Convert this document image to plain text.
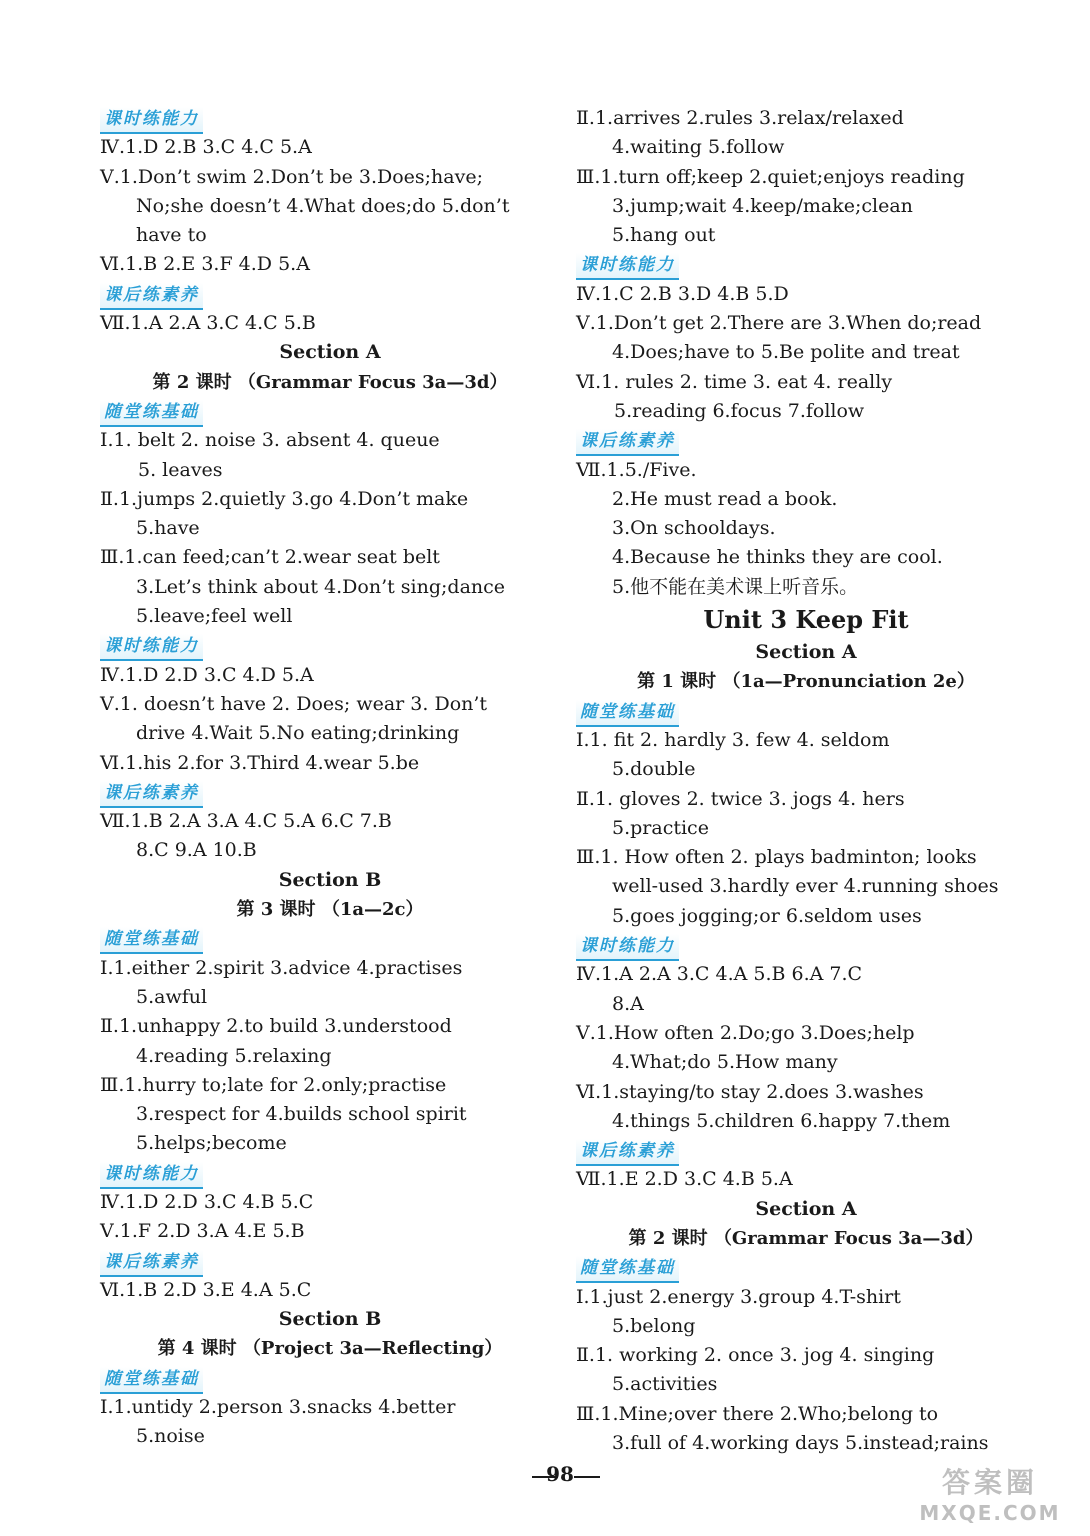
课时练能力
Ⅳ.1.D 2.B 3.C 4.C 5.A
Ⅴ.1.Don’t swim 2.Don’t be 3.Does;have;
No;she doesn’t 4.What does;do 5.don’t
have to
Ⅵ.1.B 2.E 3.F 4.D 5.A
课后练素养
Ⅶ.1.A 2.A 3.C 4.C 5.B
Section A
第 2 课时 （Grammar Focus 3a—3d）
随堂练基础
Ⅰ.1. belt 2. noise 3. absent 4. queue
5. leaves
Ⅱ.1.jumps 2.quietly 3.go 4.Don’t make
5.have
Ⅲ.1.can feed;can’t 2.wear seat belt
3.Let’s think about 4.Don’t sing;dance
5.leave;feel well
课时练能力
Ⅳ.1.D 2.D 3.C 4.D 5.A
Ⅴ.1. doesn’t have 2. Does; wear 3. Don’t
drive 4.Wait 5.No eating;drinking
Ⅵ.1.his 2.for 3.Third 4.wear 5.be
课后练素养
Ⅶ.1.B 2.A 3.A 4.C 5.A 6.C 7.B
8.C 9.A 10.B
Section B
第 3 课时 （1a—2c）
随堂练基础
Ⅰ.1.either 2.spirit 3.advice 4.practises
5.awful
Ⅱ.1.unhappy 2.to build 3.understood
4.reading 5.relaxing
Ⅲ.1.hurry to;late for 2.only;practise
3.respect for 4.builds school spirit
5.helps;become
课时练能力
Ⅳ.1.D 2.D 3.C 4.B 5.C
Ⅴ.1.F 2.D 3.A 4.E 5.B
课后练素养
Ⅵ.1.B 2.D 3.E 4.A 5.C
Section B
第 4 课时 （Project 3a—Reflecting）
随堂练基础
Ⅰ.1.untidy 2.person 3.snacks 4.better
5.noise
Ⅱ.1.arrives 2.rules 3.relax/relaxed
4.waiting 5.follow
Ⅲ.1.turn off;keep 2.quiet;enjoys reading
3.jump;wait 4.keep/make;clean
5.hang out
课时练能力
Ⅳ.1.C 2.B 3.D 4.B 5.D
Ⅴ.1.Don’t get 2.There are 3.When do;read
4.Does;have to 5.Be polite and treat
Ⅵ.1. rules 2. time 3. eat 4. really
5.reading 6.focus 7.follow
课后练素养
Ⅶ.1.5./Five.
2.He must read a book.
3.On schooldays.
4.Because he thinks they are cool.
5.他不能在美术课上听音乐。
Unit 3 Keep Fit
Section A
第 1 课时 （1a—Pronunciation 2e）
随堂练基础
Ⅰ.1. fit 2. hardly 3. few 4. seldom
5.double
Ⅱ.1. gloves 2. twice 3. jogs 4. hers
5.practice
Ⅲ.1. How often 2. plays badminton; looks
well-used 3.hardly ever 4.running shoes
5.goes jogging;or 6.seldom uses
课时练能力
Ⅳ.1.A 2.A 3.C 4.A 5.B 6.A 7.C
8.A
Ⅴ.1.How often 2.Do;go 3.Does;help
4.What;do 5.How many
Ⅵ.1.staying/to stay 2.does 3.washes
4.things 5.children 6.happy 7.them
课后练素养
Ⅶ.1.E 2.D 3.C 4.B 5.A
Section A
第 2 课时 （Grammar Focus 3a—3d）
随堂练基础
Ⅰ.1.just 2.energy 3.group 4.T-shirt
5.belong
Ⅱ.1. working 2. once 3. jog 4. singing
5.activities
Ⅲ.1.Mine;over there 2.Who;belong to
3.full of 4.working days 5.instead;rains
98	答案圈
MXQE.COM
